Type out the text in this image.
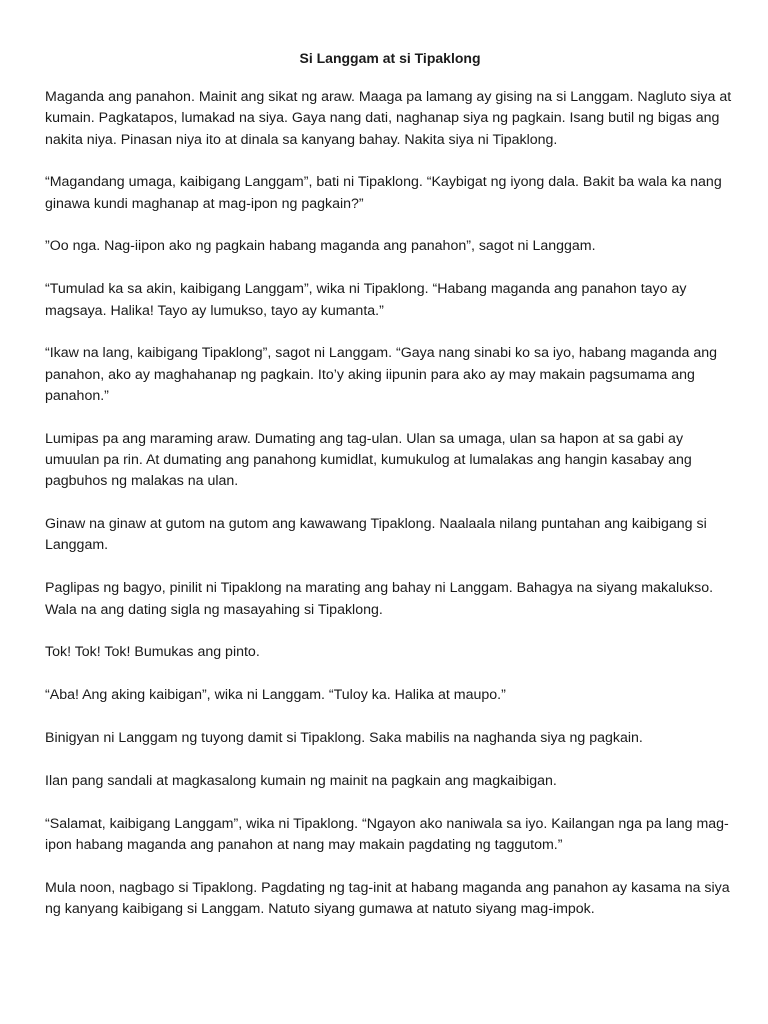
Si Langgam at si Tipaklong

Maganda ang panahon. Mainit ang sikat ng araw. Maaga pa lamang ay gising na si Langgam. Nagluto siya at kumain. Pagkatapos, lumakad na siya. Gaya nang dati, naghanap siya ng pagkain. Isang butil ng bigas ang nakita niya. Pinasan niya ito at dinala sa kanyang bahay. Nakita siya ni Tipaklong.

“Magandang umaga, kaibigang Langgam”, bati ni Tipaklong. “Kaybigat ng iyong dala. Bakit ba wala ka nang ginawa kundi maghanap at mag-ipon ng pagkain?”

”Oo nga. Nag-iipon ako ng pagkain habang maganda ang panahon”, sagot ni Langgam.

“Tumulad ka sa akin, kaibigang Langgam”, wika ni Tipaklong. “Habang maganda ang panahon tayo ay magsaya. Halika! Tayo ay lumukso, tayo ay kumanta.”

“Ikaw na lang, kaibigang Tipaklong”, sagot ni Langgam. “Gaya nang sinabi ko sa iyo, habang maganda ang panahon, ako ay maghahanap ng pagkain. Ito’y aking iipunin para ako ay may makain pagsumama ang panahon.”

Lumipas pa ang maraming araw. Dumating ang tag-ulan. Ulan sa umaga, ulan sa hapon at sa gabi ay umuulan pa rin. At dumating ang panahong kumidlat, kumukulog at lumalakas ang hangin kasabay ang pagbuhos ng malakas na ulan.

Ginaw na ginaw at gutom na gutom ang kawawang Tipaklong. Naalaala nilang puntahan ang kaibigang si Langgam.

Paglipas ng bagyo, pinilit ni Tipaklong na marating ang bahay ni Langgam. Bahagya na siyang makalukso. Wala na ang dating sigla ng masayahing si Tipaklong.

Tok! Tok! Tok! Bumukas ang pinto.

“Aba! Ang aking kaibigan”, wika ni Langgam. “Tuloy ka. Halika at maupo.”

Binigyan ni Langgam ng tuyong damit si Tipaklong. Saka mabilis na naghanda siya ng pagkain.

Ilan pang sandali at magkasalong kumain ng mainit na pagkain ang magkaibigan.

“Salamat, kaibigang Langgam”, wika ni Tipaklong. “Ngayon ako naniwala sa iyo. Kailangan nga pa lang mag-ipon habang maganda ang panahon at nang may makain pagdating ng taggutom.”

Mula noon, nagbago si Tipaklong. Pagdating ng tag-init at habang maganda ang panahon ay kasama na siya ng kanyang kaibigang si Langgam. Natuto siyang gumawa at natuto siyang mag-impok.
